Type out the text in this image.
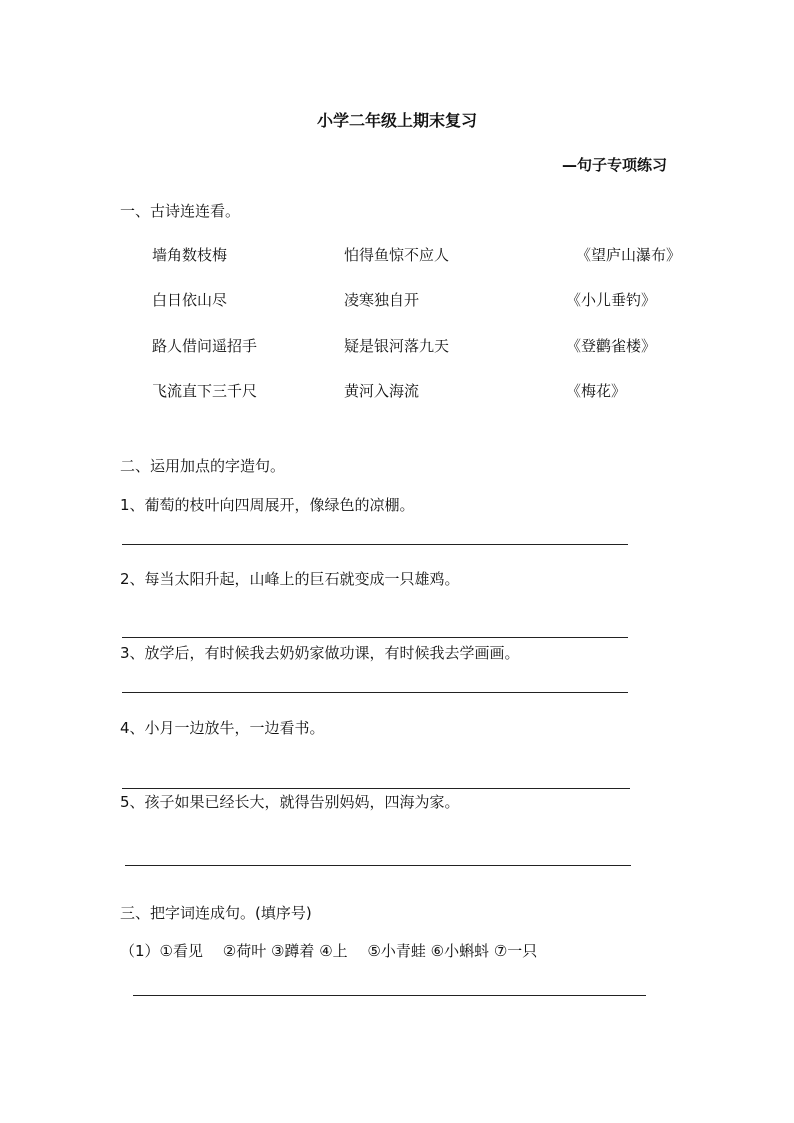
小学二年级上期末复习
—句子专项练习
一、古诗连连看。
墙角数枝梅	怕得鱼惊不应人	《望庐山瀑布》
白日依山尽	凌寒独自开	《小儿垂钓》
路人借问遥招手	疑是银河落九天	《登鹳雀楼》
飞流直下三千尺	黄河入海流	《梅花》
二、运用加点的字造句。
1、葡萄的枝叶向四周展开，像绿色的凉棚。
2、每当太阳升起，山峰上的巨石就变成一只雄鸡。
3、放学后，有时候我去奶奶家做功课，有时候我去学画画。
4、小月一边放牛，一边看书。
5、孩子如果已经长大，就得告别妈妈，四海为家。
三、把字词连成句。(填序号)
（1）①看见　 ②荷叶 ③蹲着 ④上 　⑤小青蛙 ⑥小蝌蚪 ⑦一只
